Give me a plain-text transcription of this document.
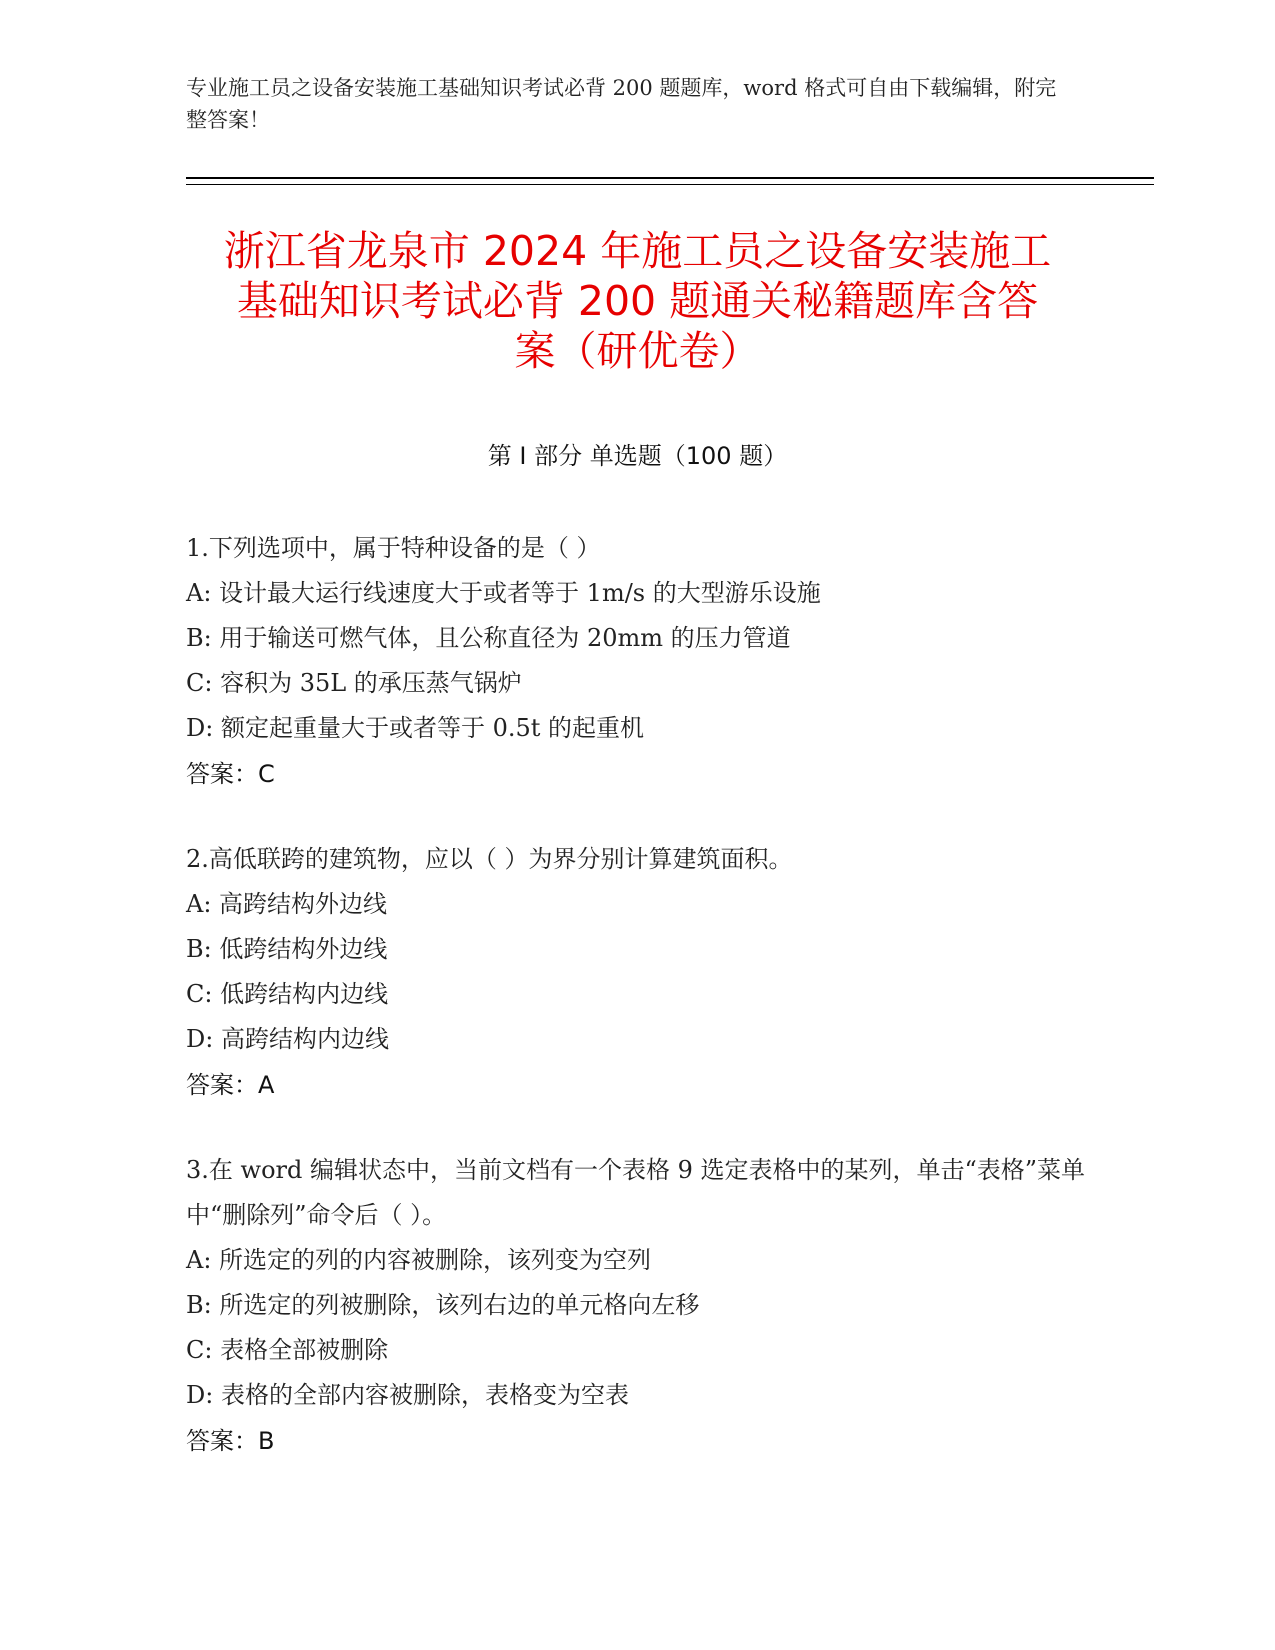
专业施工员之设备安装施工基础知识考试必背 200 题题库，word 格式可自由下载编辑，附完整答案！
浙江省龙泉市 2024 年施工员之设备安装施工
基础知识考试必背 200 题通关秘籍题库含答
案（研优卷）
第 I 部分 单选题（100 题）
1.下列选项中，属于特种设备的是（ ）
A: 设计最大运行线速度大于或者等于 1m/s 的大型游乐设施
B: 用于输送可燃气体，且公称直径为 20mm 的压力管道
C: 容积为 35L 的承压蒸气锅炉
D: 额定起重量大于或者等于 0.5t 的起重机
答案：C
2.高低联跨的建筑物，应以（ ）为界分别计算建筑面积。
A: 高跨结构外边线
B: 低跨结构外边线
C: 低跨结构内边线
D: 高跨结构内边线
答案：A
3.在 word 编辑状态中，当前文档有一个表格 9 选定表格中的某列，单击“表格”菜单中“删除列”命令后（ ）。
A: 所选定的列的内容被删除，该列变为空列
B: 所选定的列被删除，该列右边的单元格向左移
C: 表格全部被删除
D: 表格的全部内容被删除，表格变为空表
答案：B
